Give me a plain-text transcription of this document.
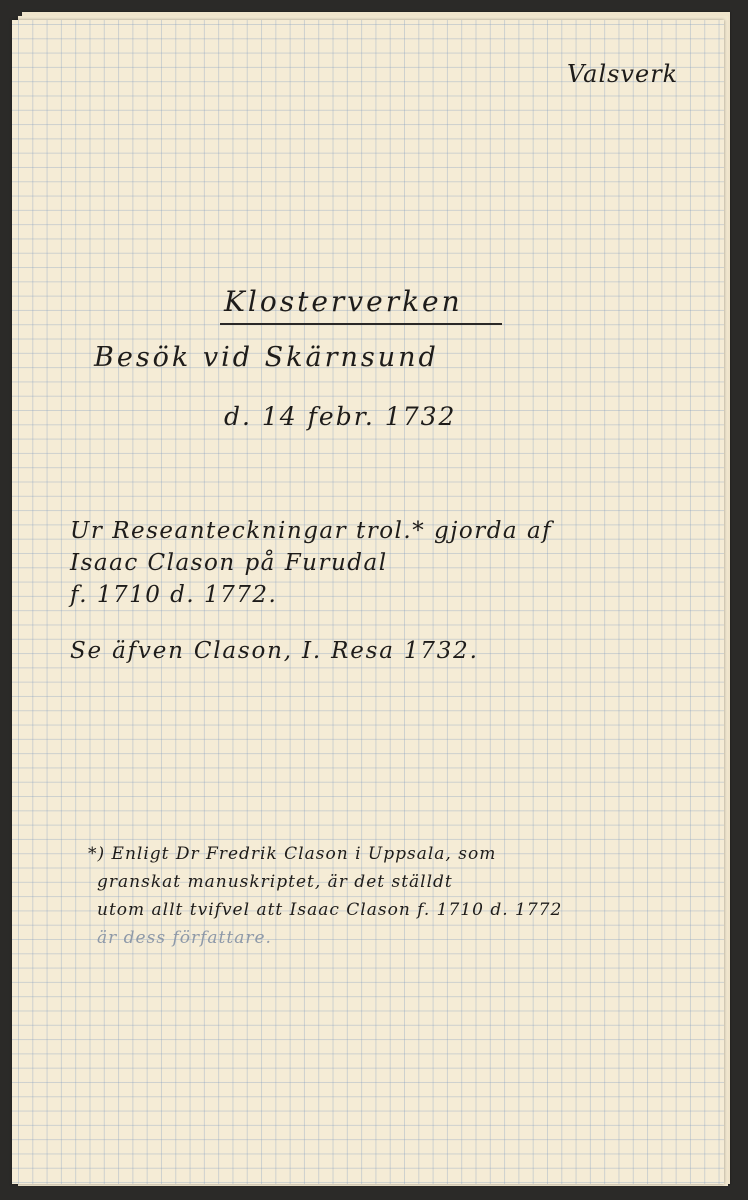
Valsverk
Klosterverken
Besök vid Skärnsund
d. 14 febr. 1732
Ur Reseanteckningar trol.* gjorda af
Isaac Clason på Furudal
f. 1710 d. 1772.
Se äfven Clason, I. Resa 1732.
*) Enligt Dr Fredrik Clason i Uppsala, som
granskat manuskriptet, är det ställdt
utom allt tvifvel att Isaac Clason f. 1710 d. 1772
är dess författare.
